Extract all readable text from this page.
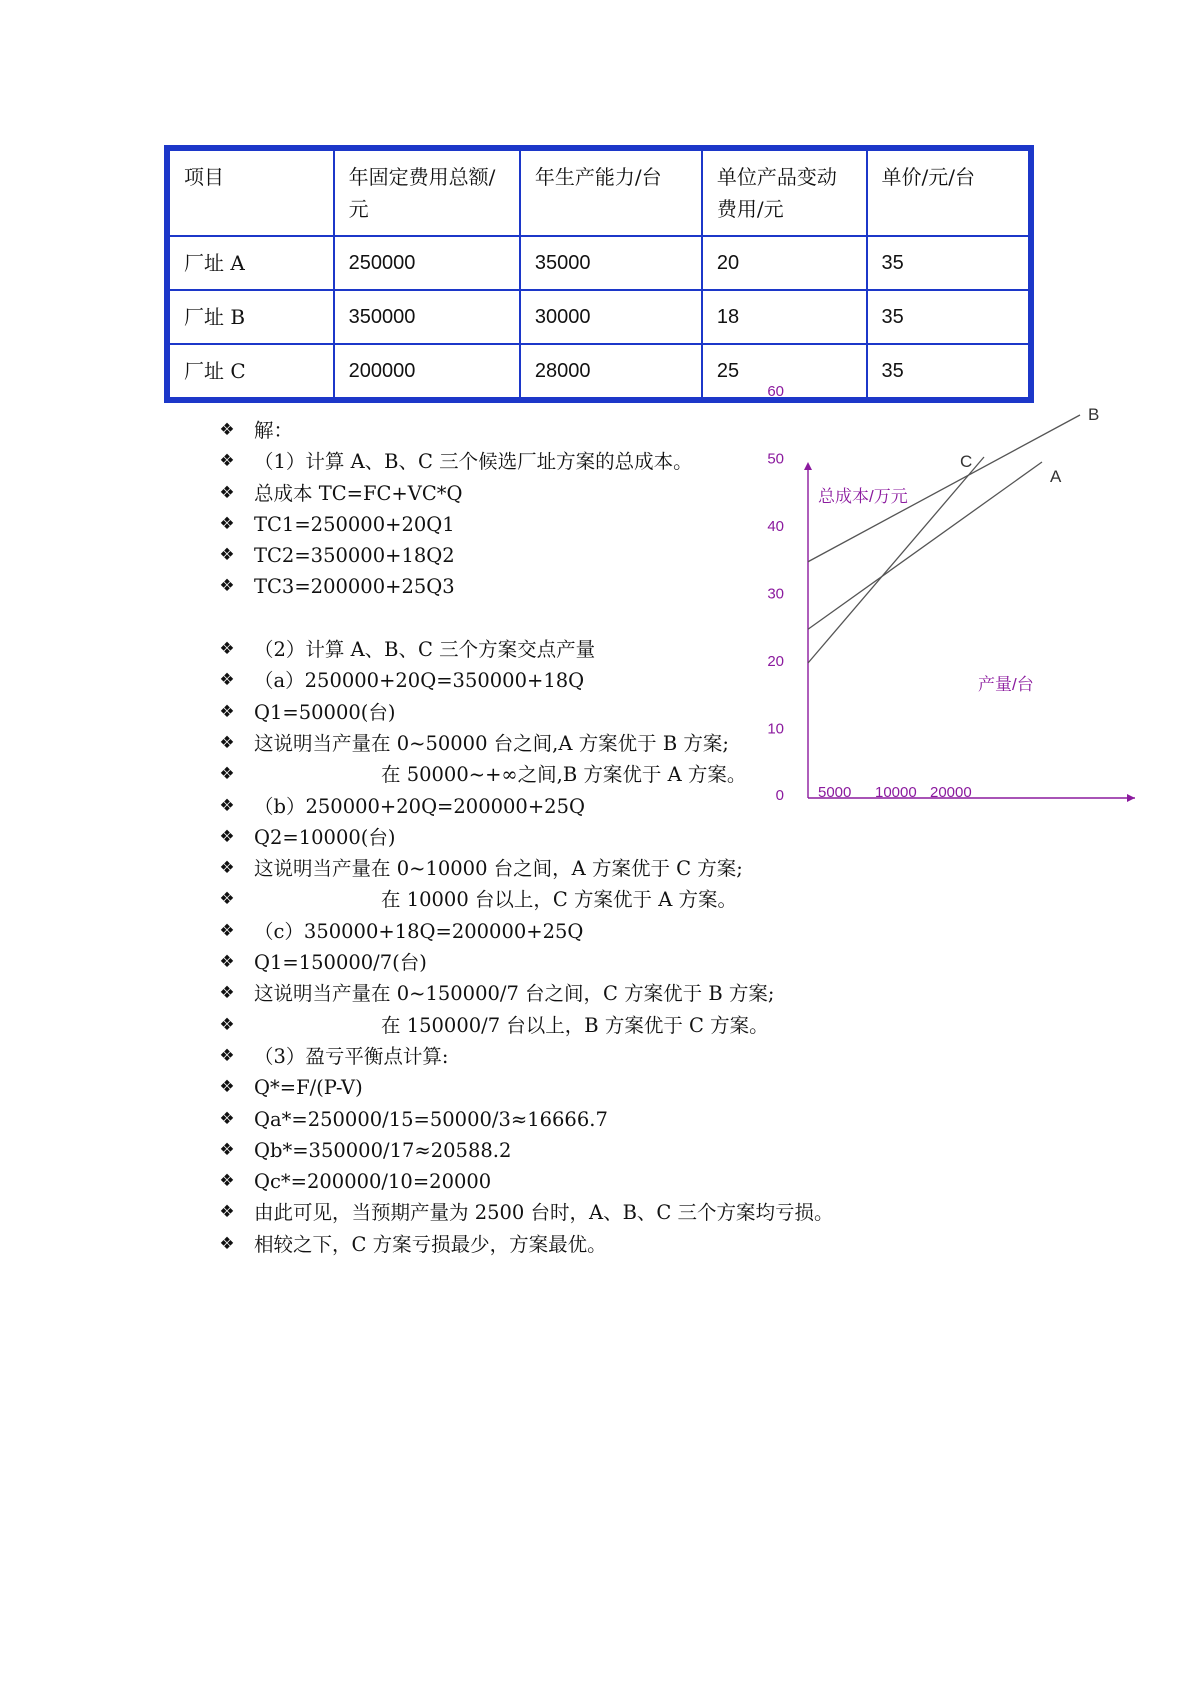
项目	年固定费用总额/元	年生产能力/台	单位产品变动费用/元	单价/元/台
厂址 A	250000	35000	20	35
厂址 B	350000	30000	18	35
厂址 C	200000	28000	25	35
❖ 解：
❖ （1）计算 A、B、C 三个候选厂址方案的总成本。
❖ 总成本 TC=FC+VC*Q
❖ TC1=250000+20Q1
❖ TC2=350000+18Q2
❖ TC3=200000+25Q3
❖ （2）计算 A、B、C 三个方案交点产量
❖ （a）250000+20Q=350000+18Q
❖ Q1=50000(台)
❖ 这说明当产量在 0~50000 台之间,A 方案优于 B 方案;
❖	在 50000~+∞之间,B 方案优于 A 方案。
❖ （b）250000+20Q=200000+25Q
❖ Q2=10000(台)
❖ 这说明当产量在 0~10000 台之间，A 方案优于 C 方案;
❖	在 10000 台以上，C 方案优于 A 方案。
❖ （c）350000+18Q=200000+25Q
❖ Q1=150000/7(台)
❖ 这说明当产量在 0~150000/7 台之间，C 方案优于 B 方案;
❖	在 150000/7 台以上，B 方案优于 C 方案。
❖ （3）盈亏平衡点计算:
❖ Q*=F/(P-V)
❖ Qa*=250000/15=50000/3≈16666.7
❖ Qb*=350000/17≈20588.2
❖ Qc*=200000/10=20000
❖ 由此可见，当预期产量为 2500 台时，A、B、C 三个方案均亏损。
❖ 相较之下，C 方案亏损最少，方案最优。
60
50
40
30
20
10
0 5000 10000 20000
总成本/万元
产量/台
A
B
C
